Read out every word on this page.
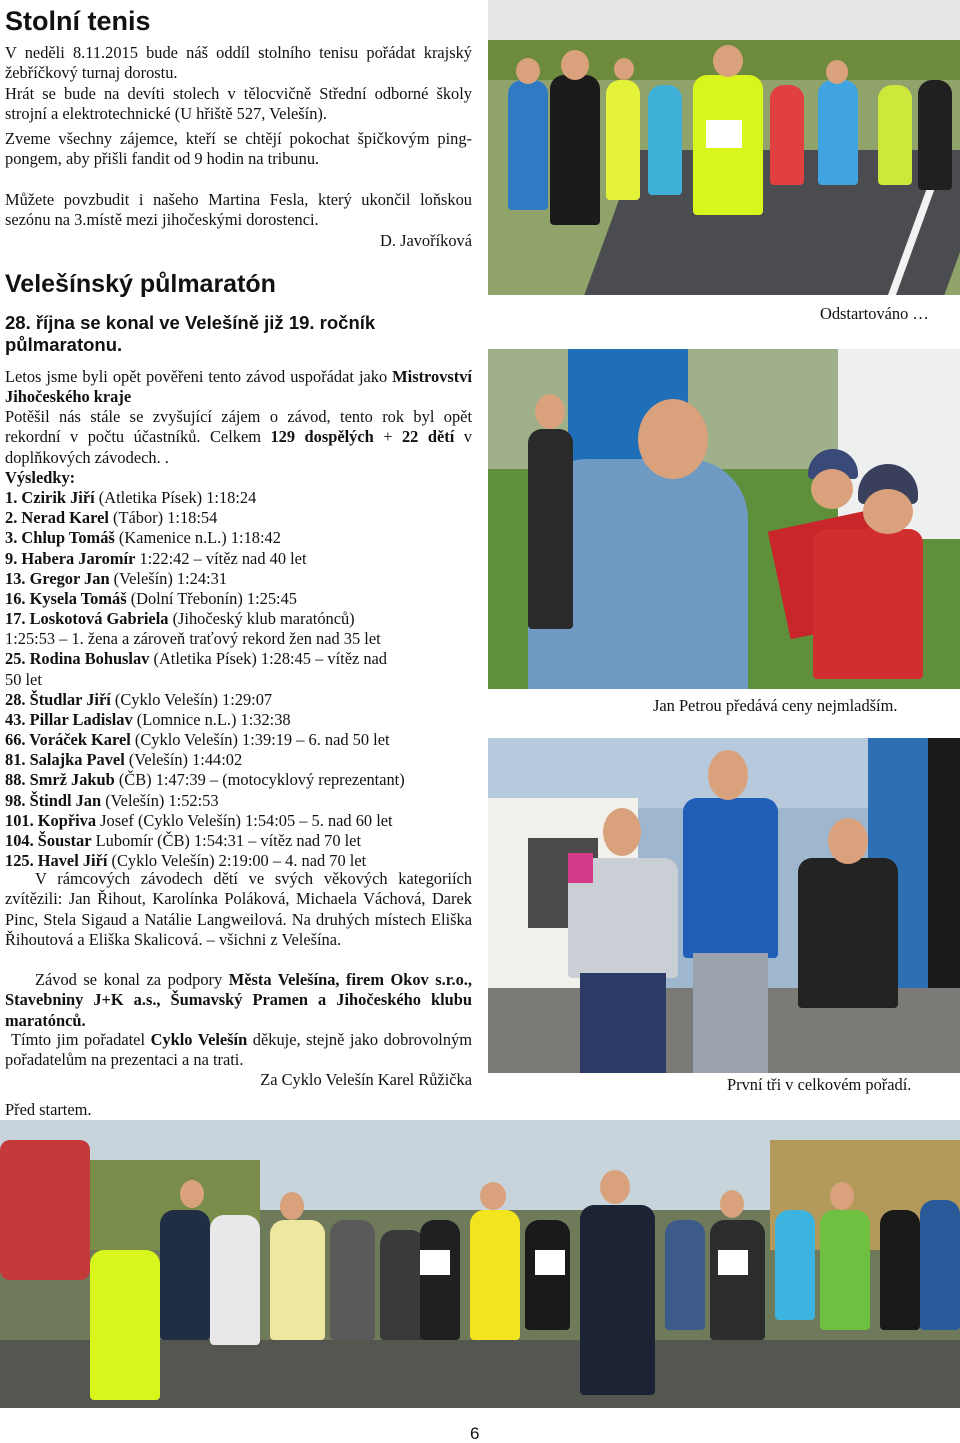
Stolní tenis
V neděli 8.11.2015 bude náš oddíl stolního tenisu pořádat krajský žebříčkový turnaj dorostu.
Hrát se bude na devíti stolech v tělocvičně Střední odborné školy strojní a elektrotechnické (U hřiště 527, Velešín).
Zveme všechny zájemce, kteří se chtějí pokochat špičkovým ping-pongem, aby přišli fandit od 9 hodin na tribunu.
Můžete povzbudit i našeho Martina Fesla, který ukončil loňskou sezónu na 3.místě mezi jihočeskými dorostenci.
D. Javoříková
Velešínský půlmaratón
28. října se konal ve Velešíně již 19. ročník půlmaratonu.
Letos jsme byli opět pověřeni tento závod uspořádat jako Mistrovství Jihočeského kraje
Potěšil nás stále se zvyšující zájem o závod, tento rok byl opět rekordní v počtu účastníků. Celkem 129 dospělých + 22 dětí v doplňkových závodech. .
Výsledky:
1. Czirik Jiří (Atletika Písek) 1:18:24
2. Nerad Karel (Tábor) 1:18:54
3. Chlup Tomáš (Kamenice n.L.) 1:18:42
9. Habera Jaromír 1:22:42 – vítěz nad 40 let
13. Gregor Jan (Velešín) 1:24:31
16. Kysela Tomáš (Dolní Třebonín) 1:25:45
17. Loskotová Gabriela (Jihočeský klub maratónců)
1:25:53 – 1. žena a zároveň traťový rekord žen nad 35 let
25. Rodina Bohuslav (Atletika Písek) 1:28:45 – vítěz nad
50 let
28. Študlar Jiří (Cyklo Velešín) 1:29:07
43. Pillar Ladislav (Lomnice n.L.) 1:32:38
66. Voráček Karel (Cyklo Velešín) 1:39:19 – 6. nad 50 let
81. Salajka Pavel (Velešín) 1:44:02
88. Smrž Jakub (ČB) 1:47:39 – (motocyklový reprezentant)
98. Štindl Jan (Velešín) 1:52:53
101. Kopřiva Josef (Cyklo Velešín) 1:54:05 – 5. nad 60 let
104. Šoustar Lubomír (ČB) 1:54:31 – vítěz nad 70 let
125. Havel Jiří (Cyklo Velešín) 2:19:00 – 4. nad 70 let
V rámcových závodech dětí ve svých věkových kategoriích zvítězili: Jan Řihout, Karolínka Poláková, Michaela Váchová, Darek Pinc, Stela Sigaud a Natálie Langweilová. Na druhých místech Eliška Řihoutová a Eliška Skalicová. – všichni z Velešína.
Závod se konal za podpory Města Velešína, firem Okov s.r.o., Stavebniny J+K a.s., Šumavský Pramen a Jihočeského klubu maratónců.
Tímto jim pořadatel Cyklo Velešín děkuje, stejně jako dobrovolným pořadatelům na prezentaci a na trati.
Za Cyklo Velešín Karel Růžička
Před startem.
Odstartováno …
Jan Petrou předává ceny nejmladším.
První tři v celkovém pořadí.
6
